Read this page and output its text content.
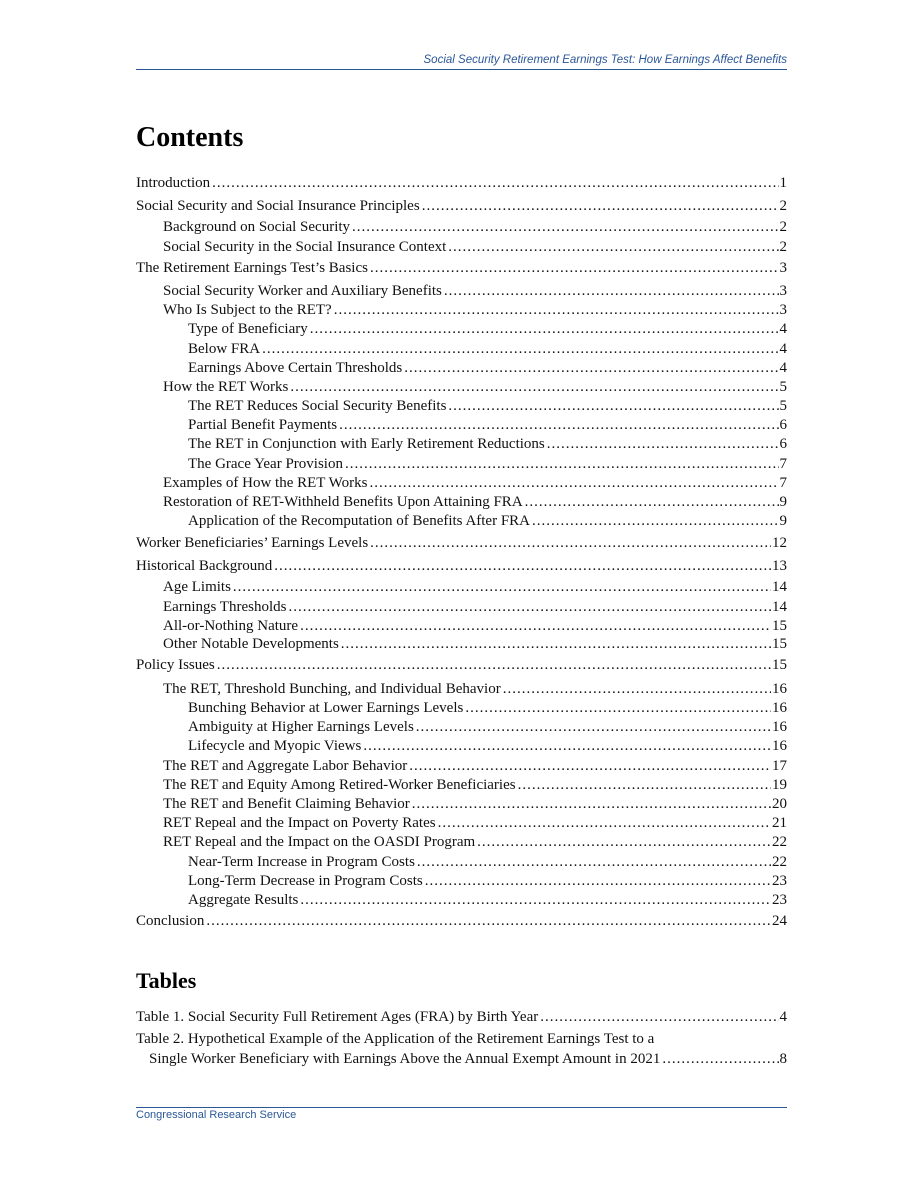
Social Security Retirement Earnings Test: How Earnings Affect Benefits
Contents
Introduction .....	1
Social Security and Social Insurance Principles .....	2
Background on Social Security .....	2
Social Security in the Social Insurance Context .....	2
The Retirement Earnings Test’s Basics .....	3
Social Security Worker and Auxiliary Benefits .....	3
Who Is Subject to the RET? .....	3
Type of Beneficiary .....	4
Below FRA .....	4
Earnings Above Certain Thresholds .....	4
How the RET Works .....	5
The RET Reduces Social Security Benefits .....	5
Partial Benefit Payments .....	6
The RET in Conjunction with Early Retirement Reductions .....	6
The Grace Year Provision .....	7
Examples of How the RET Works .....	7
Restoration of RET-Withheld Benefits Upon Attaining FRA .....	9
Application of the Recomputation of Benefits After FRA .....	9
Worker Beneficiaries’ Earnings Levels .....	12
Historical Background .....	13
Age Limits .....	14
Earnings Thresholds .....	14
All-or-Nothing Nature .....	15
Other Notable Developments .....	15
Policy Issues .....	15
The RET, Threshold Bunching, and Individual Behavior .....	16
Bunching Behavior at Lower Earnings Levels .....	16
Ambiguity at Higher Earnings Levels .....	16
Lifecycle and Myopic Views .....	16
The RET and Aggregate Labor Behavior .....	17
The RET and Equity Among Retired-Worker Beneficiaries .....	19
The RET and Benefit Claiming Behavior .....	20
RET Repeal and the Impact on Poverty Rates .....	21
RET Repeal and the Impact on the OASDI Program .....	22
Near-Term Increase in Program Costs .....	22
Long-Term Decrease in Program Costs .....	23
Aggregate Results .....	23
Conclusion .....	24
Tables
Table 1. Social Security Full Retirement Ages (FRA) by Birth Year .....	4
Table 2. Hypothetical Example of the Application of the Retirement Earnings Test to a
Single Worker Beneficiary with Earnings Above the Annual Exempt Amount in 2021 .....	8
Congressional Research Service
